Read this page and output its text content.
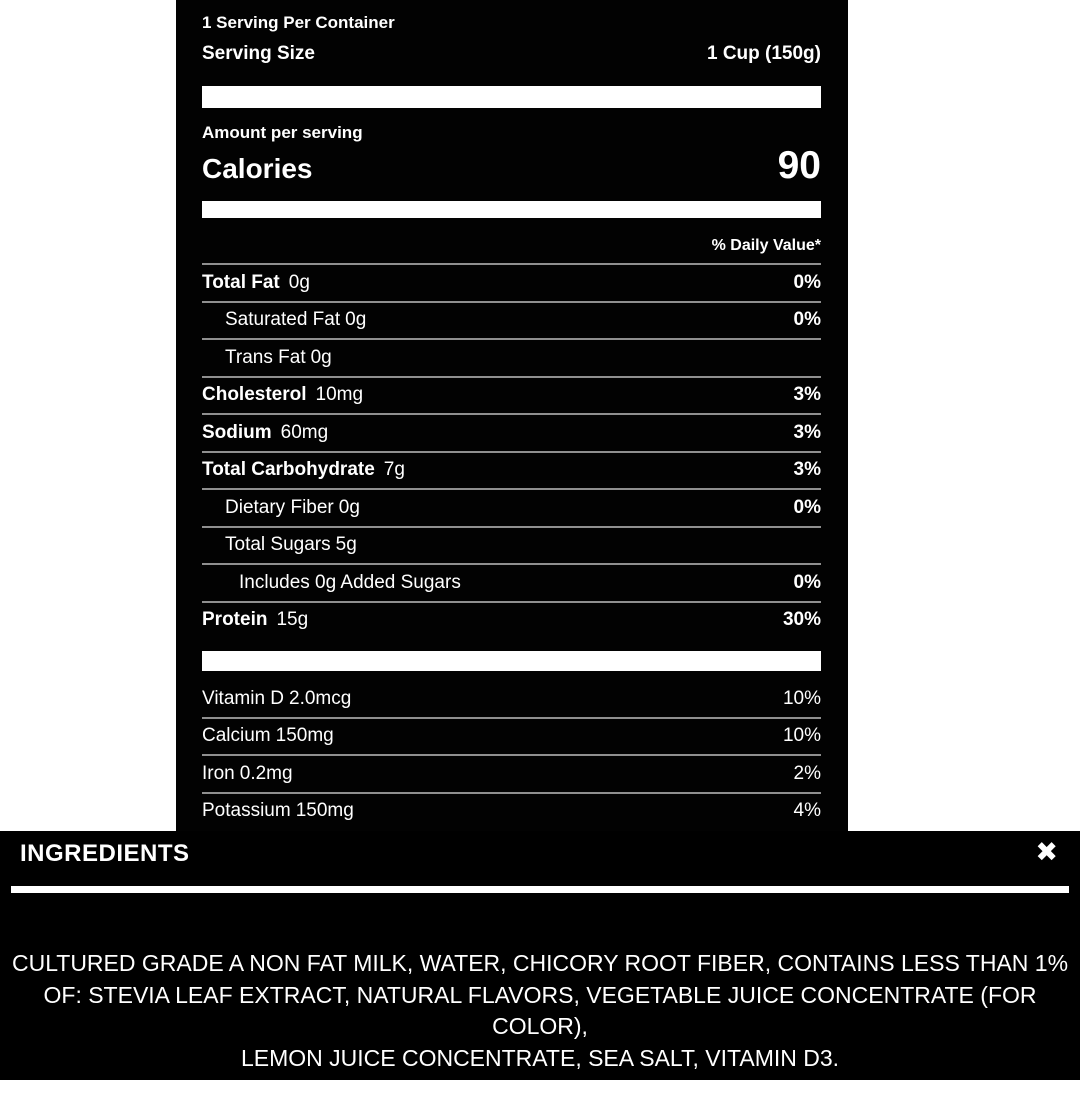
1 Serving Per Container
Serving Size	1 Cup (150g)
Amount per serving
Calories	90
% Daily Value*
Total Fat 0g	0%
Saturated Fat 0g	0%
Trans Fat 0g
Cholesterol 10mg	3%
Sodium 60mg	3%
Total Carbohydrate 7g	3%
Dietary Fiber 0g	0%
Total Sugars 5g
Includes 0g Added Sugars	0%
Protein 15g	30%
Vitamin D 2.0mcg	10%
Calcium 150mg	10%
Iron 0.2mg	2%
Potassium 150mg	4%
INGREDIENTS	✖
CULTURED GRADE A NON FAT MILK, WATER, CHICORY ROOT FIBER, CONTAINS LESS THAN 1%
OF: STEVIA LEAF EXTRACT, NATURAL FLAVORS, VEGETABLE JUICE CONCENTRATE (FOR COLOR),
LEMON JUICE CONCENTRATE, SEA SALT, VITAMIN D3.
YOGURT CULTURES: S. THERMOPHILUS & L. BULGARICUS
